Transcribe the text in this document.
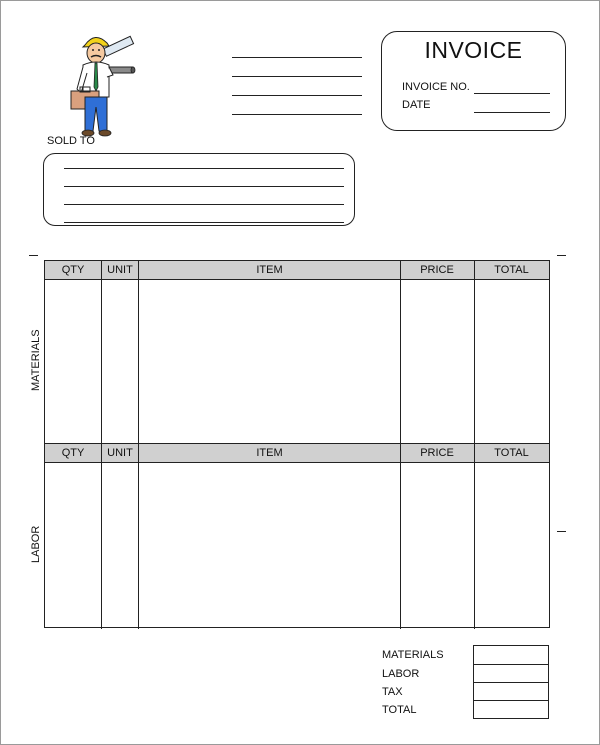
INVOICE
INVOICE NO.
DATE
SOLD TO
QTY	UNIT	ITEM	PRICE	TOTAL
MATERIALS
QTY	UNIT	ITEM	PRICE	TOTAL
LABOR
MATERIALS
LABOR
TAX
TOTAL
